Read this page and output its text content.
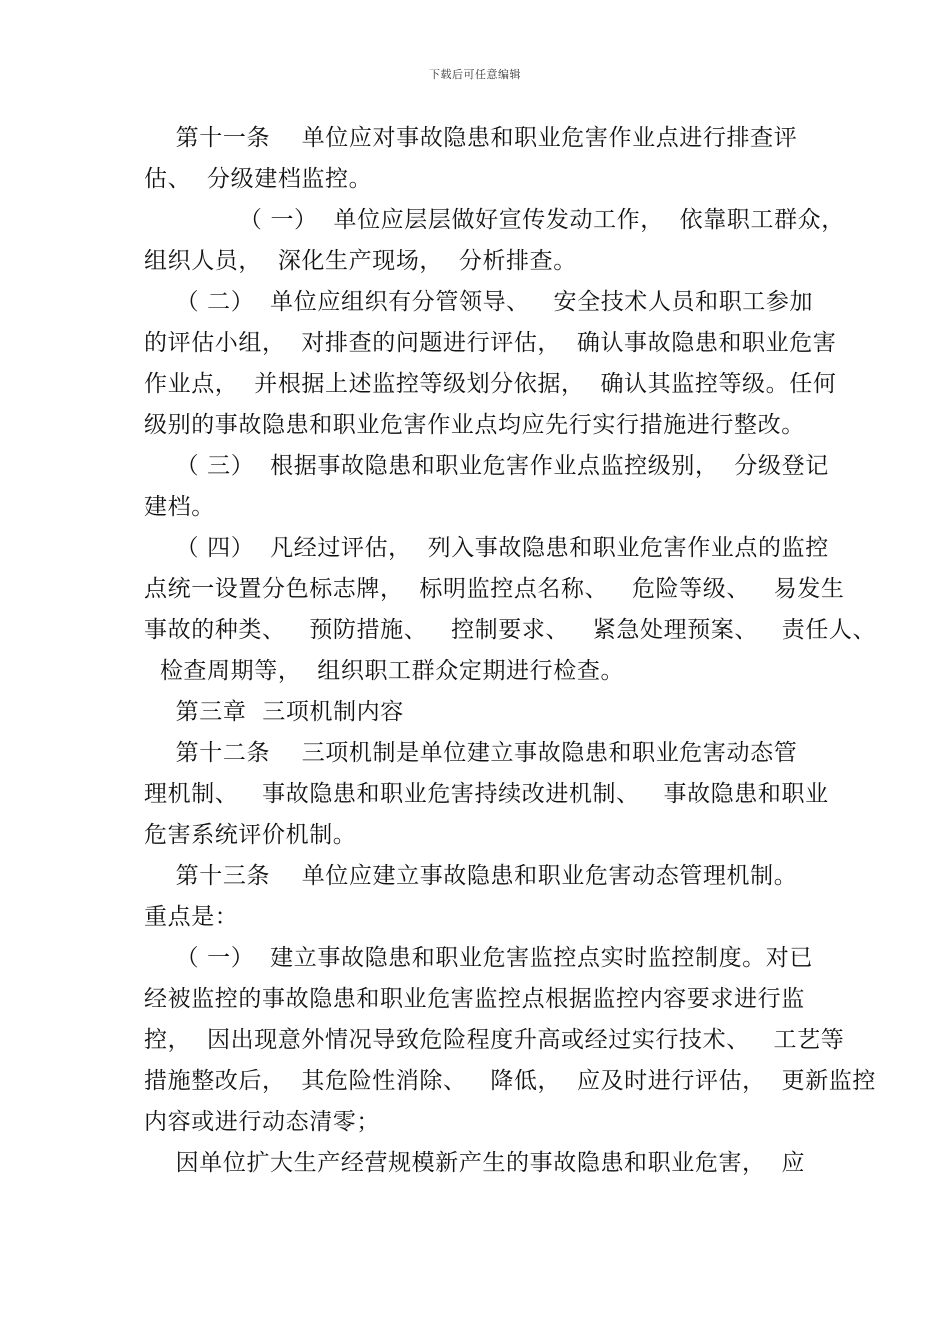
下载后可任意编辑
第十一条    单位应对事故隐患和职业危害作业点进行排查评
估、  分级建档监控。
（ 一）  单位应层层做好宣传发动工作，  依靠职工群众，
组织人员，  深化生产现场，  分析排查。
（ 二）  单位应组织有分管领导、   安全技术人员和职工参加
的评估小组，  对排查的问题进行评估，  确认事故隐患和职业危害
作业点，  并根据上述监控等级划分依据，  确认其监控等级。任何
级别的事故隐患和职业危害作业点均应先行实行措施进行整改。
（ 三）  根据事故隐患和职业危害作业点监控级别，  分级登记
建档。
（ 四）  凡经过评估，  列入事故隐患和职业危害作业点的监控
点统一设置分色标志牌，  标明监控点名称、   危险等级、   易发生
事故的种类、   预防措施、   控制要求、   紧急处理预案、   责任人、
检查周期等，  组织职工群众定期进行检查。
第三章  三项机制内容
第十二条    三项机制是单位建立事故隐患和职业危害动态管
理机制、   事故隐患和职业危害持续改进机制、   事故隐患和职业
危害系统评价机制。
第十三条    单位应建立事故隐患和职业危害动态管理机制。
重点是：
（ 一）  建立事故隐患和职业危害监控点实时监控制度。对已
经被监控的事故隐患和职业危害监控点根据监控内容要求进行监
控，  因出现意外情况导致危险程度升高或经过实行技术、   工艺等
措施整改后，  其危险性消除、   降低，  应及时进行评估，  更新监控
内容或进行动态清零；
因单位扩大生产经营规模新产生的事故隐患和职业危害，  应
